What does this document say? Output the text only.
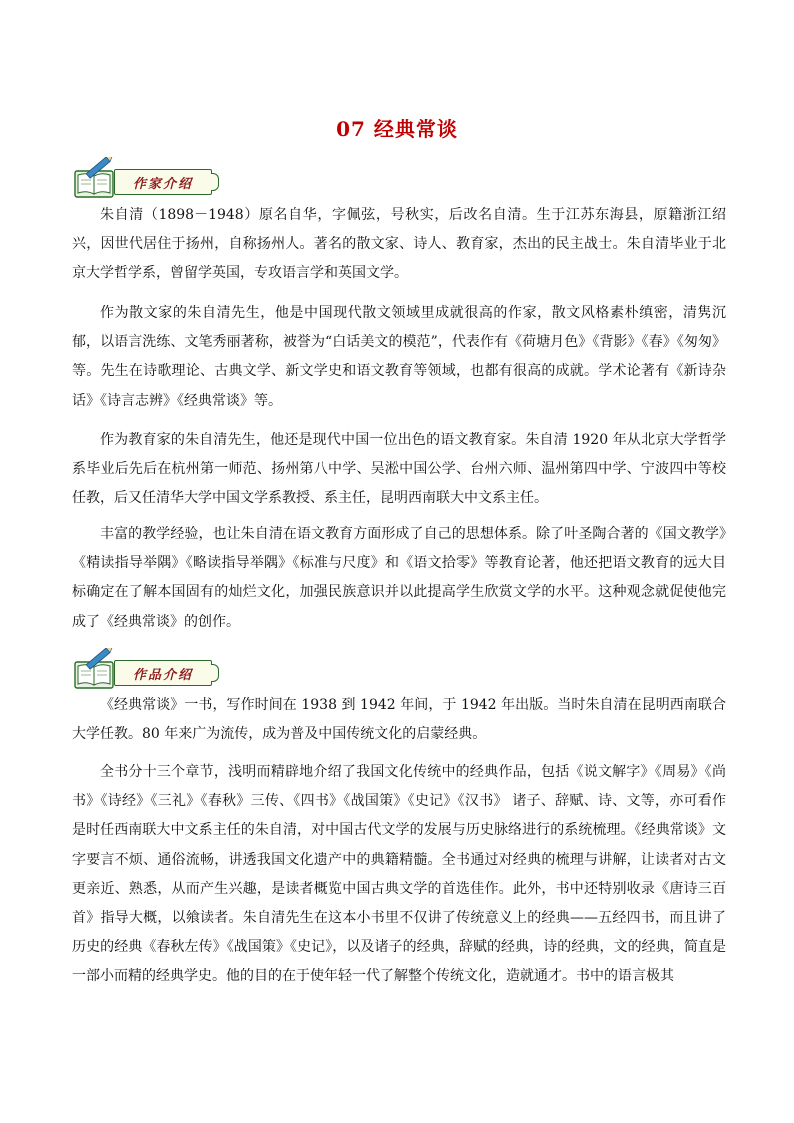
07 经典常谈
作家介绍

朱自清（1898－1948）原名自华，字佩弦，号秋实，后改名自清。生于江苏东海县，原籍浙江绍兴，因世代居住于扬州，自称扬州人。著名的散文家、诗人、教育家，杰出的民主战士。朱自清毕业于北京大学哲学系，曾留学英国，专攻语言学和英国文学。

作为散文家的朱自清先生，他是中国现代散文领域里成就很高的作家，散文风格素朴缜密，清隽沉郁，以语言洗练、文笔秀丽著称，被誉为“白话美文的模范”，代表作有《荷塘月色》《背影》《春》《匆匆》等。先生在诗歌理论、古典文学、新文学史和语文教育等领域，也都有很高的成就。学术论著有《新诗杂话》《诗言志辨》《经典常谈》等。

作为教育家的朱自清先生，他还是现代中国一位出色的语文教育家。朱自清 1920 年从北京大学哲学系毕业后先后在杭州第一师范、扬州第八中学、吴淞中国公学、台州六师、温州第四中学、宁波四中等校任教，后又任清华大学中国文学系教授、系主任，昆明西南联大中文系主任。

丰富的教学经验，也让朱自清在语文教育方面形成了自己的思想体系。除了叶圣陶合著的《国文教学》《精读指导举隅》《略读指导举隅》《标准与尺度》和《语文拾零》等教育论著，他还把语文教育的远大目标确定在了解本国固有的灿烂文化，加强民族意识并以此提高学生欣赏文学的水平。这种观念就促使他完成了《经典常谈》的创作。

作品介绍

《经典常谈》一书，写作时间在 1938 到 1942 年间，于 1942 年出版。当时朱自清在昆明西南联合大学任教。80 年来广为流传，成为普及中国传统文化的启蒙经典。

全书分十三个章节，浅明而精辟地介绍了我国文化传统中的经典作品，包括《说文解字》《周易》《尚书》《诗经》《三礼》《春秋》三传、《四书》《战国策》《史记》《汉书》 诸子、辞赋、诗、文等，亦可看作是时任西南联大中文系主任的朱自清，对中国古代文学的发展与历史脉络进行的系统梳理。《经典常谈》文字要言不烦、通俗流畅，讲透我国文化遗产中的典籍精髓。全书通过对经典的梳理与讲解，让读者对古文更亲近、熟悉，从而产生兴趣，是读者概览中国古典文学的首选佳作。此外，书中还特别收录《唐诗三百首》指导大概，以飨读者。朱自清先生在这本小书里不仅讲了传统意义上的经典——五经四书，而且讲了历史的经典《春秋左传》《战国策》《史记》，以及诸子的经典，辞赋的经典，诗的经典，文的经典，简直是一部小而精的经典学史。他的目的在于使年轻一代了解整个传统文化，造就通才。书中的语言极其
